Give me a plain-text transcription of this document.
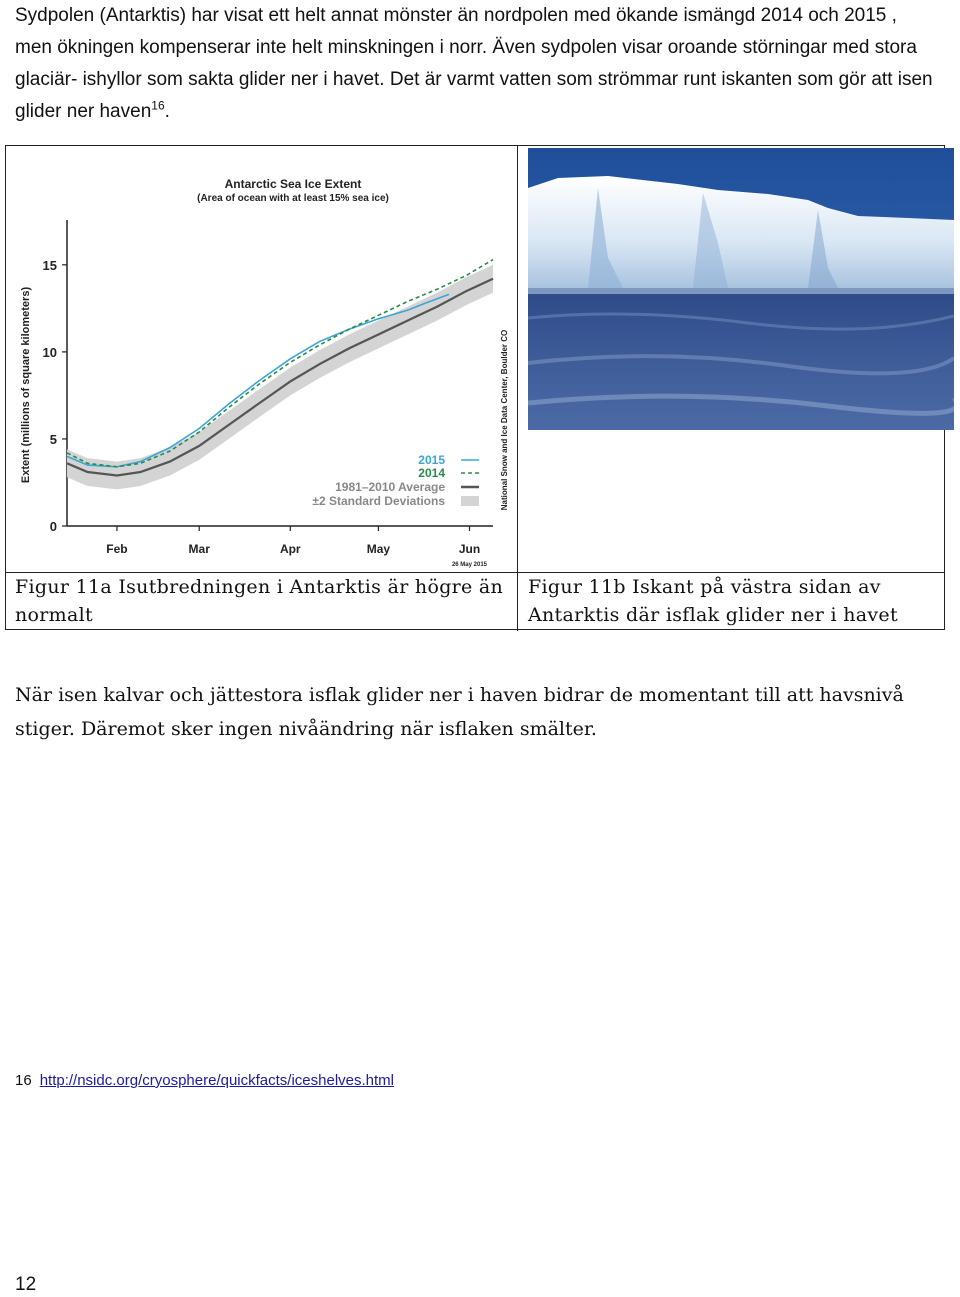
Sydpolen (Antarktis) har visat ett helt annat mönster än nordpolen med ökande ismängd 2014 och 2015 , men ökningen kompenserar inte helt minskningen i norr. Även sydpolen visar oroande störningar med stora glaciär- ishyllor som sakta glider ner i havet. Det är varmt vatten som strömmar runt iskanten som gör att isen glider ner haven$^{16}$.

Antarctic Sea Ice Extent
(Area of ocean with at least 15% sea ice)
Extent (millions of square kilometers)	National Snow and Ice Data Center, Boulder CO
26 May 2015
0
5
10
15
Feb	Mar	Apr	May	Jun
2015
2014
1981–2010 Average
±2 Standard Deviations
Figur 11a Isutbredningen i Antarktis är högre än normalt
Figur 11b Iskant på västra sidan av Antarktis där isflak glider ner i havet

När isen kalvar och jättestora isflak glider ner i haven bidrar de momentant till att havsnivå stiger. Däremot sker ingen nivåändring när isflaken smälter.

16 http://nsidc.org/cryosphere/quickfacts/iceshelves.html
12
